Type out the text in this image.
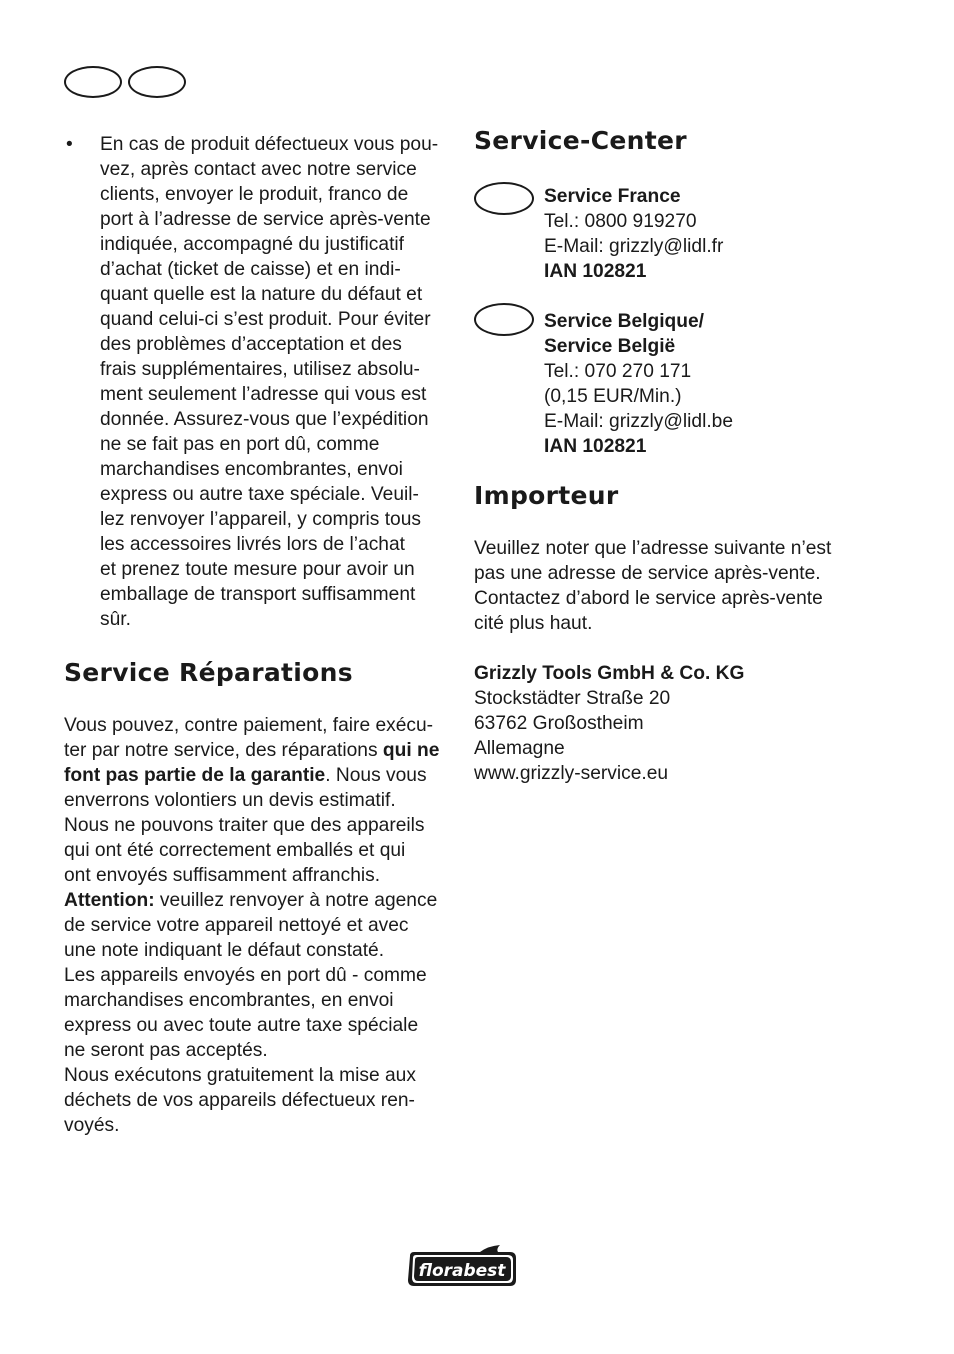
• En cas de produit défectueux vous pou-
vez, après contact avec notre service
clients, envoyer le produit, franco de
port à l’adresse de service après-vente
indiquée, accompagné du justificatif
d’achat (ticket de caisse) et en indi-
quant quelle est la nature du défaut et
quand celui-ci s’est produit. Pour éviter
des problèmes d’acceptation et des
frais supplémentaires, utilisez absolu-
ment seulement l’adresse qui vous est
donnée. Assurez-vous que l’expédition
ne se fait pas en port dû, comme
marchandises encombrantes, envoi
express ou autre taxe spéciale. Veuil-
lez renvoyer l’appareil, y compris tous
les accessoires livrés lors de l’achat
et prenez toute mesure pour avoir un
emballage de transport suffisamment
sûr.
Service Réparations
Vous pouvez, contre paiement, faire exécu-
ter par notre service, des réparations qui ne
font pas partie de la garantie. Nous vous
enverrons volontiers un devis estimatif.
Nous ne pouvons traiter que des appareils
qui ont été correctement emballés et qui
ont envoyés suffisamment affranchis.
Attention: veuillez renvoyer à notre agence
de service votre appareil nettoyé et avec
une note indiquant le défaut constaté.
Les appareils envoyés en port dû - comme
marchandises encombrantes, en envoi
express ou avec toute autre taxe spéciale
ne seront pas acceptés.
Nous exécutons gratuitement la mise aux
déchets de vos appareils défectueux ren-
voyés.
Service-Center
Service France
Tel.: 0800 919270
E-Mail: grizzly@lidl.fr
IAN 102821
Service Belgique/
Service België
Tel.: 070 270 171
(0,15 EUR/Min.)
E-Mail: grizzly@lidl.be
IAN 102821
Importeur
Veuillez noter que l’adresse suivante n’est
pas une adresse de service après-vente.
Contactez d’abord le service après-vente
cité plus haut.
Grizzly Tools GmbH & Co. KG
Stockstädter Straße 20
63762 Großostheim
Allemagne
www.grizzly-service.eu
florabest
